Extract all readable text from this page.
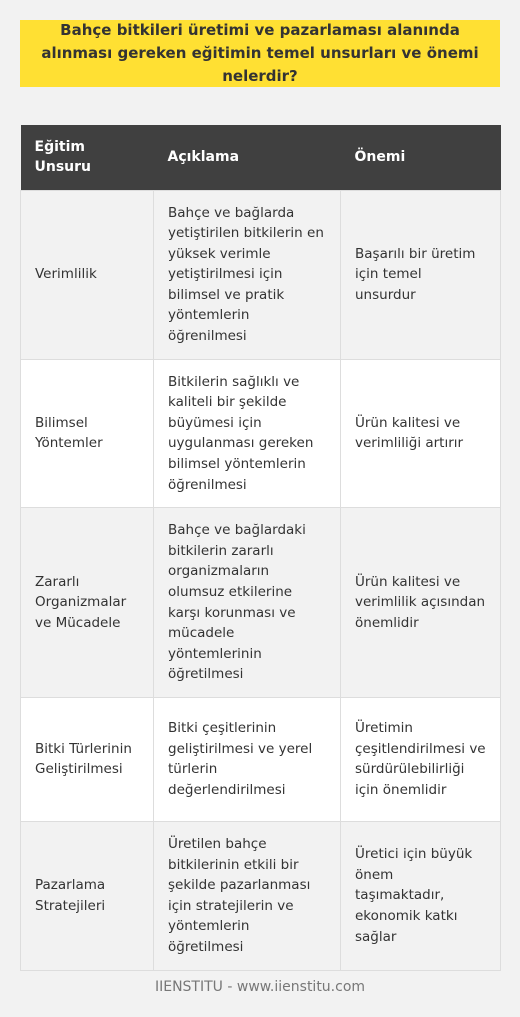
Bahçe bitkileri üretimi ve pazarlaması alanında alınması gereken eğitimin temel unsurları ve önemi nelerdir?
Eğitim Unsuru	Açıklama	Önemi
Verimlilik	Bahçe ve bağlarda yetiştirilen bitkilerin en yüksek verimle yetiştirilmesi için bilimsel ve pratik yöntemlerin öğrenilmesi	Başarılı bir üretim için temel unsurdur
Bilimsel Yöntemler	Bitkilerin sağlıklı ve kaliteli bir şekilde büyümesi için uygulanması gereken bilimsel yöntemlerin öğrenilmesi	Ürün kalitesi ve verimliliği artırır
Zararlı Organizmalar ve Mücadele	Bahçe ve bağlardaki bitkilerin zararlı organizmaların olumsuz etkilerine karşı korunması ve mücadele yöntemlerinin öğretilmesi	Ürün kalitesi ve verimlilik açısından önemlidir
Bitki Türlerinin Geliştirilmesi	Bitki çeşitlerinin geliştirilmesi ve yerel türlerin değerlendirilmesi	Üretimin çeşitlendirilmesi ve sürdürülebilirliği için önemlidir
Pazarlama Stratejileri	Üretilen bahçe bitkilerinin etkili bir şekilde pazarlanması için stratejilerin ve yöntemlerin öğretilmesi	Üretici için büyük önem taşımaktadır, ekonomik katkı sağlar
IIENSTITU - www.iienstitu.com
